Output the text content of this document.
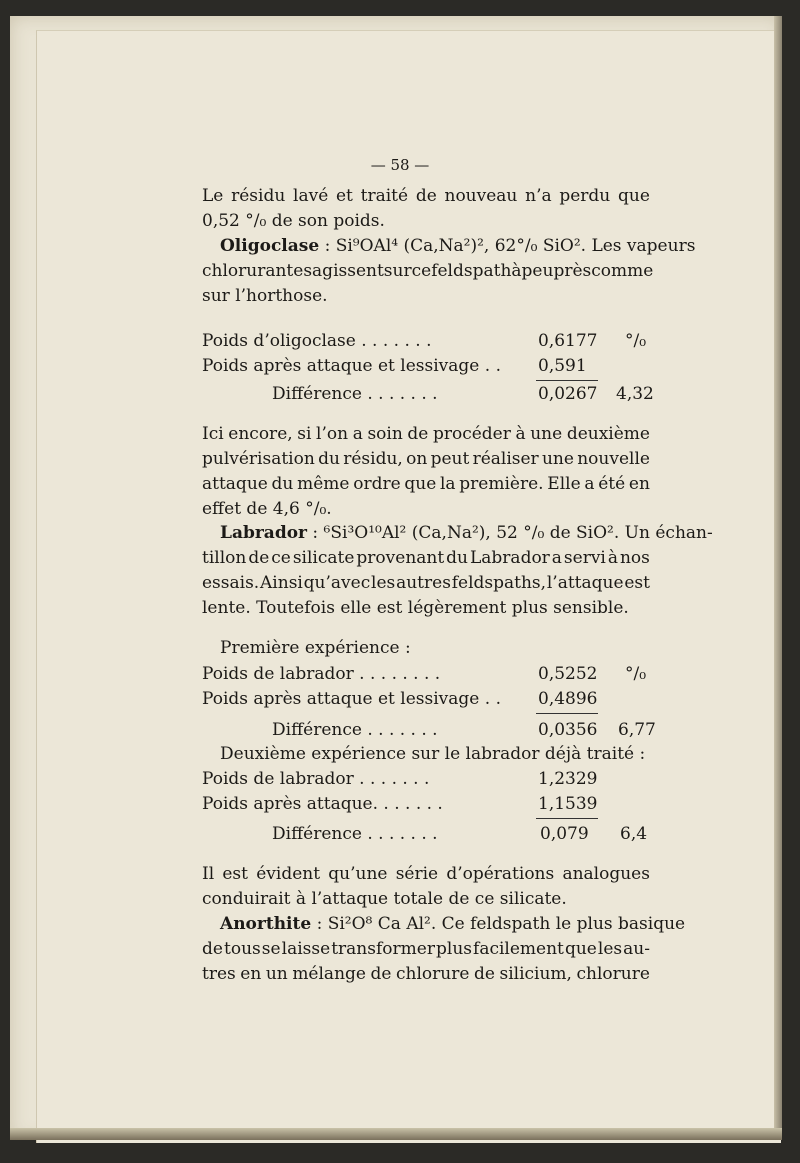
— 58 —
Le résidu lavé et traité de nouveau n’a perdu que
0,52 °/₀ de son poids.
Oligoclase : Si⁹OAl⁴ (Ca,Na²)², 62°/₀ SiO². Les vapeurs
chlorurantes agissent sur ce feldspath à peu près comme
sur l’horthose.
Poids d’oligoclase . . . . . . .	0,6177 °/₀
Poids après attaque et lessivage . . 0,591
Différence . . . . . . .	0,0267 4,32
Ici encore, si l’on a soin de procéder à une deuxième
pulvérisation du résidu, on peut réaliser une nouvelle
attaque du même ordre que la première. Elle a été en
effet de 4,6 °/₀.
Labrador : ⁶Si³O¹⁰Al² (Ca,Na²), 52 °/₀ de SiO². Un échan-
tillon de ce silicate provenant du Labrador a servi à nos
essais. Ainsi qu’avec les autres feldspaths, l’attaque est
lente. Toutefois elle est légèrement plus sensible.
Première expérience :
Poids de labrador . . . . . . . .	0,5252 °/₀
Poids après attaque et lessivage . . 0,4896
Différence . . . . . . .	0,0356 6,77
Deuxième expérience sur le labrador déjà traité :
Poids de labrador . . . . . . .	1,2329
Poids après attaque. . . . . . .	1,1539
Différence . . . . . . .	0,079 6,4
Il est évident qu’une série d’opérations analogues
conduirait à l’attaque totale de ce silicate.
Anorthite : Si²O⁸ Ca Al². Ce feldspath le plus basique
de tous se laisse transformer plus facilement que les au-
tres en un mélange de chlorure de silicium, chlorure
